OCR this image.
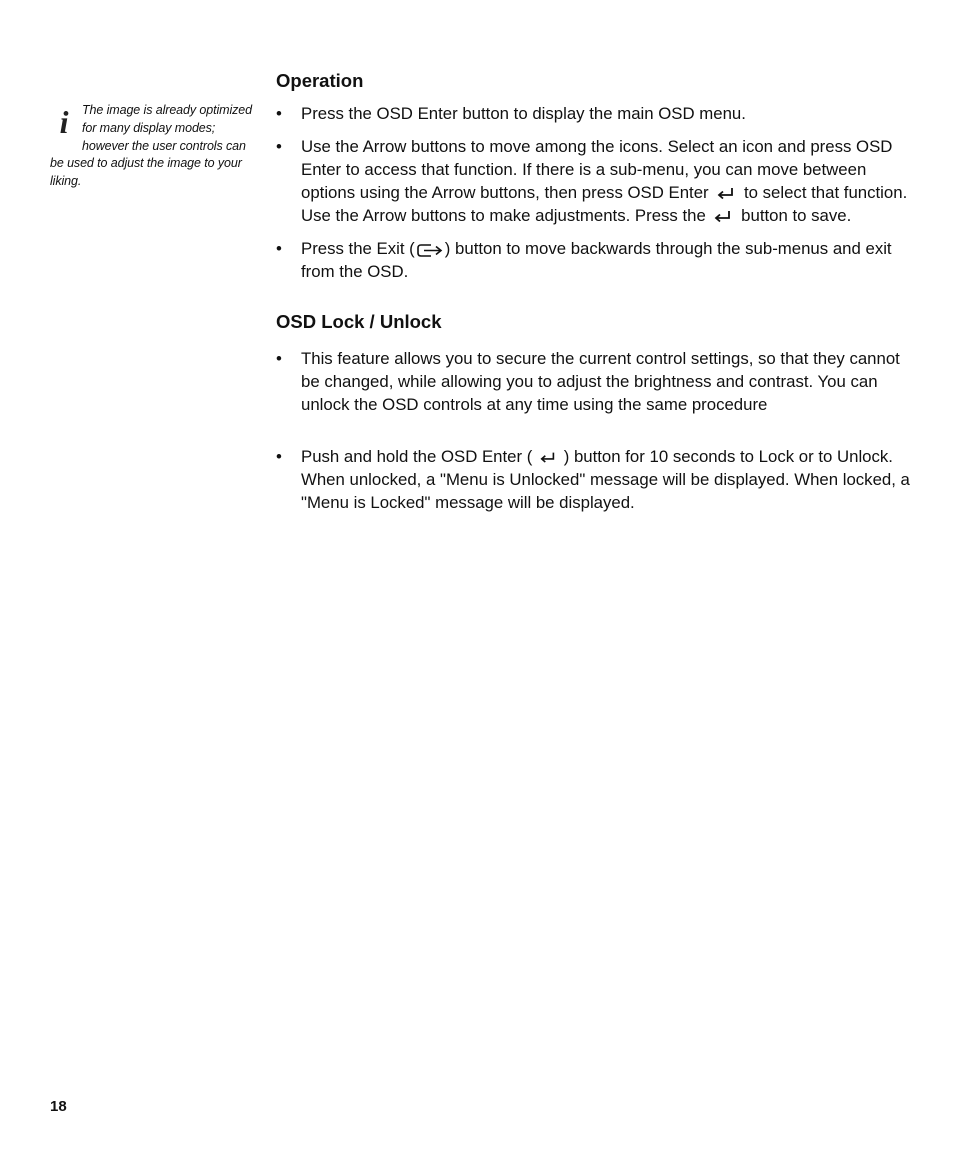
i	The image is already optimized for many display modes; however the user controls can be used to adjust the image to your liking.
Operation
• Press the OSD Enter button to display the main OSD menu.
• Use the Arrow buttons to move among the icons. Select an icon and press OSD Enter to access that function. If there is a sub-menu, you can move between options using the Arrow buttons, then press OSD Enter to select that function. Use the Arrow buttons to make adjustments. Press the button to save.
• Press the Exit ( ) button to move backwards through the sub-menus and exit from the OSD.
OSD Lock / Unlock
• This feature allows you to secure the current control settings, so that they cannot be changed, while allowing you to adjust the brightness and contrast. You can unlock the OSD controls at any time using the same procedure
• Push and hold the OSD Enter ( ) button for 10 seconds to Lock or to Unlock. When unlocked, a "Menu is Unlocked" message will be displayed. When locked, a "Menu is Locked" message will be displayed.
18
